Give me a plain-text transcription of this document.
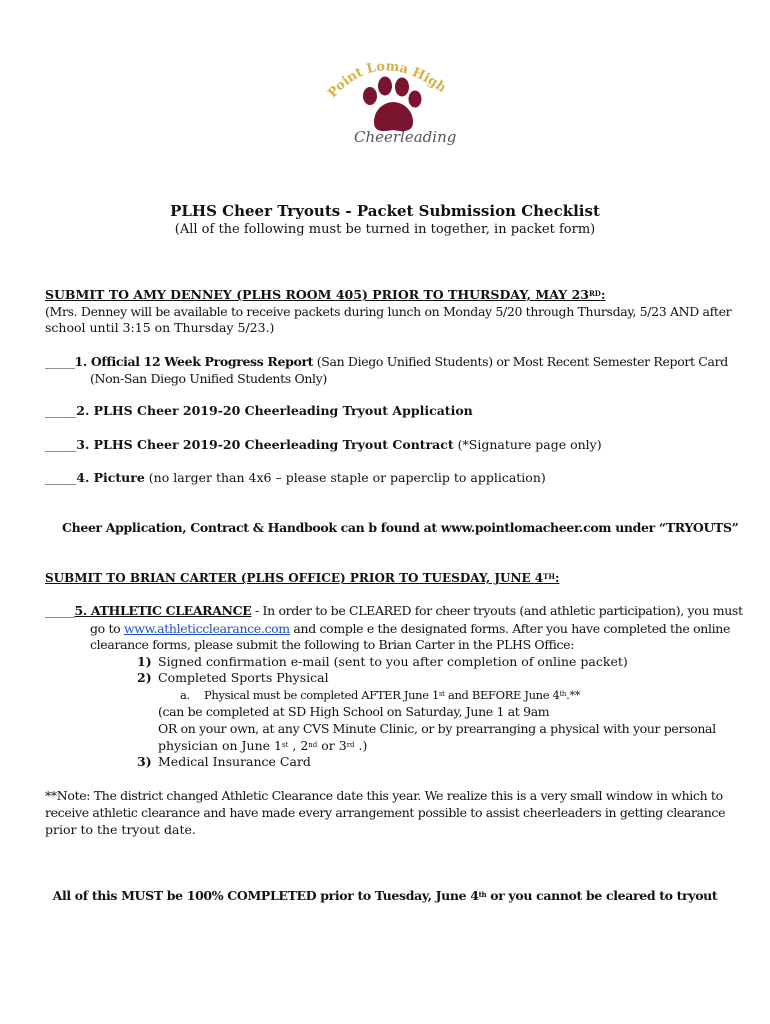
Point Loma High
Cheerleading
PLHS Cheer Tryouts - Packet Submission Checklist
(All of the following must be turned in together, in packet form)
SUBMIT TO AMY DENNEY (PLHS ROOM 405) PRIOR TO THURSDAY, MAY 23RD:
(Mrs. Denney will be available to receive packets during lunch on Monday 5/20 through Thursday, 5/23 AND after
school until 3:15 on Thursday 5/23.)
_____1. Official 12 Week Progress Report (San Diego Unified Students) or Most Recent Semester Report Card
(Non-San Diego Unified Students Only)
_____2. PLHS Cheer 2019-20 Cheerleading Tryout Application
_____3. PLHS Cheer 2019-20 Cheerleading Tryout Contract (*Signature page only)
_____4. Picture (no larger than 4x6 – please staple or paperclip to application)
Cheer Application, Contract & Handbook can b found at www.pointlomacheer.com under “TRYOUTS”
SUBMIT TO BRIAN CARTER (PLHS OFFICE) PRIOR TO TUESDAY, JUNE 4TH:
_____5. ATHLETIC CLEARANCE - In order to be CLEARED for cheer tryouts (and athletic participation), you must
go to www.athleticclearance.com and comple e the designated forms. After you have completed the online
clearance forms, please submit the following to Brian Carter in the PLHS Office:
1) Signed confirmation e-mail (sent to you after completion of online packet)
2) Completed Sports Physical
a. Physical must be completed AFTER June 1st and BEFORE June 4th.**
(can be completed at SD High School on Saturday, June 1 at 9am
OR on your own, at any CVS Minute Clinic, or by prearranging a physical with your personal
physician on June 1st , 2nd or 3rd .)
3) Medical Insurance Card
**Note: The district changed Athletic Clearance date this year. We realize this is a very small window in which to
receive athletic clearance and have made every arrangement possible to assist cheerleaders in getting clearance
prior to the tryout date.
All of this MUST be 100% COMPLETED prior to Tuesday, June 4th or you cannot be cleared to tryout
